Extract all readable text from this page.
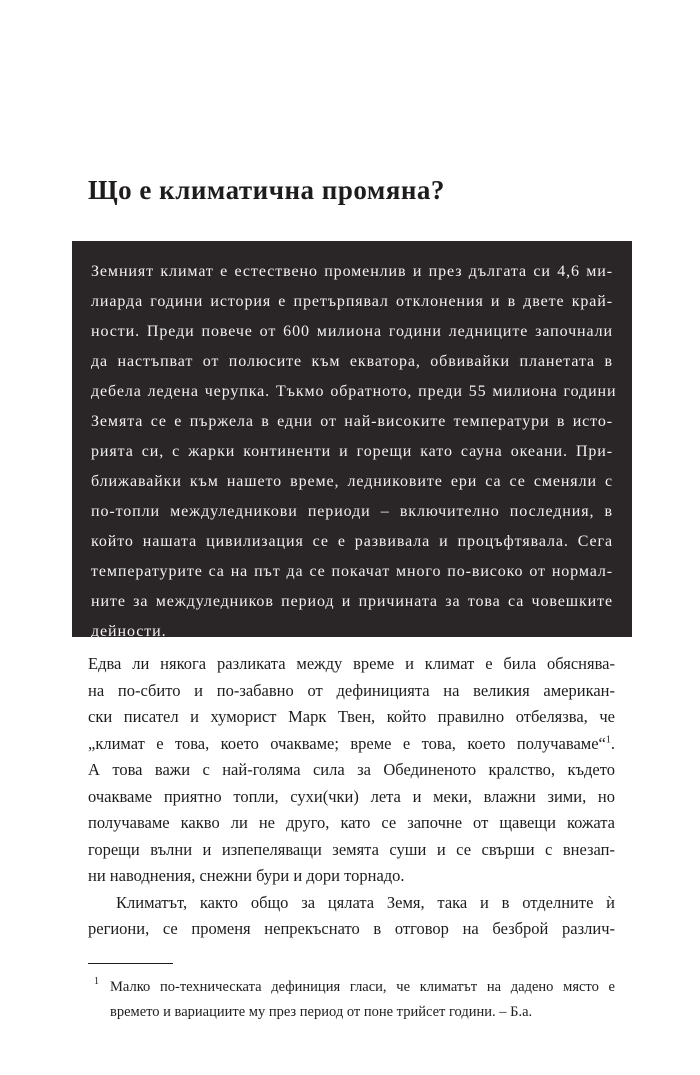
Що е климатична промяна?
Земният климат е естествено променлив и през дългата си 4,6 ми-
лиарда години история е претърпявал отклонения и в двете край-
ности. Преди повече от 600 милиона години ледниците започнали
да настъпват от полюсите към екватора, обвивайки планетата в
дебела ледена черупка. Тъкмо обратното, преди 55 милиона години
Земята се е пържела в едни от най-високите температури в исто-
рията си, с жарки континенти и горещи като сауна океани. При-
ближавайки към нашето време, ледниковите ери са се сменяли с
по-топли междуледникови периоди – включително последния, в
който нашата цивилизация се е развивала и процъфтявала. Сега
температурите са на път да се покачат много по-високо от нормал-
ните за междуледников период и причината за това са човешките
дейности.
Едва ли някога разликата между време и климат е била обяснява-
на по-сбито и по-забавно от дефиницията на великия американ-
ски писател и хуморист Марк Твен, който правилно отбелязва, че
„климат е това, което очакваме; време е това, което получаваме“$^1$.
А това важи с най-голяма сила за Обединеното кралство, където
очакваме приятно топли, сухи(чки) лета и меки, влажни зими, но
получаваме какво ли не друго, като се започне от щавещи кожата
горещи вълни и изпепеляващи земята суши и се свърши с внезап-
ни наводнения, снежни бури и дори торнадо.
Климатът, както общо за цялата Земя, така и в отделните ѝ
региони, се променя непрекъснато в отговор на безброй различ-
1 Малко по-техническата дефиниция гласи, че климатът на дадено място е
времето и вариациите му през период от поне трийсет години. – Б.а.
